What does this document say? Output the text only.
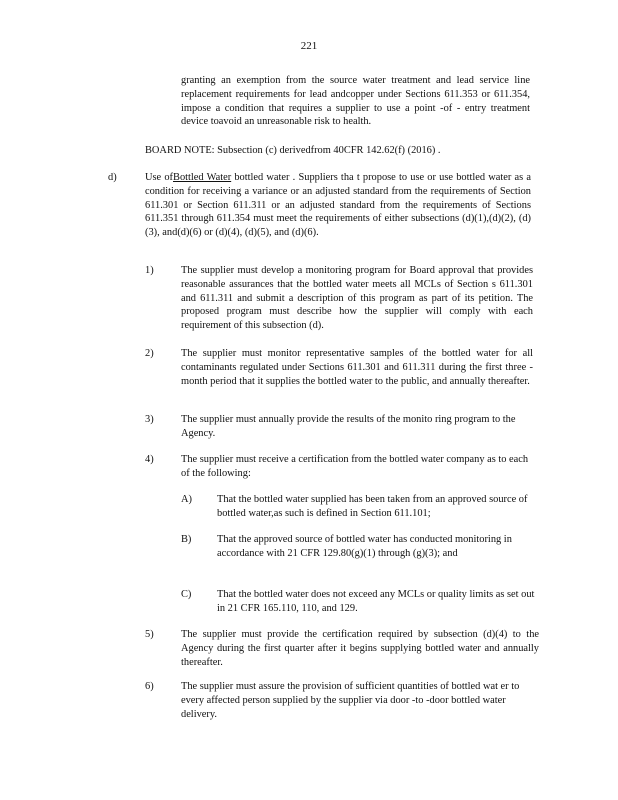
221
granting an exemption from the source water treatment and lead service line replacement requirements for lead andcopper under Sections 611.353 or 611.354, impose a condition that requires a supplier to use a point -of - entry treatment device toavoid an unreasonable risk to health.
BOARD NOTE: Subsection (c) derivedfrom 40CFR 142.62(f) (2016) .
d)	Use ofBottled Water bottled water . Suppliers tha t propose to use or use bottled water as a condition for receiving a variance or an adjusted standard from the requirements of Section 611.301 or Section 611.311 or an adjusted standard from the requirements of Sections 611.351 through 611.354 must meet the requirements of either subsections (d)(1),(d)(2), (d)(3), and(d)(6) or (d)(4), (d)(5), and (d)(6).
1)	The supplier must develop a monitoring program for Board approval that provides reasonable assurances that the bottled water meets all MCLs of Section s 611.301 and 611.311 and submit a description of this program as part of its petition. The proposed program must describe how the supplier will comply with each requirement of this subsection (d).
2)	The supplier must monitor representative samples of the bottled water for all contaminants regulated under Sections 611.301 and 611.311 during the first three -month period that it supplies the bottled water to the public, and annually thereafter.
3)	The supplier must annually provide the results of the monito ring program to the Agency.
4)	The supplier must receive a certification from the bottled water company as to each of the following:
A) That the bottled water supplied has been taken from an approved source of bottled water,as such is defined in Section 611.101;
B) That the approved source of bottled water has conducted monitoring in accordance with 21 CFR 129.80(g)(1) through (g)(3); and
C) That the bottled water does not exceed any MCLs or quality limits as set out in 21 CFR 165.110, 110, and 129.
5)	The supplier must provide the certification required by subsection (d)(4) to the Agency during the first quarter after it begins supplying bottled water and annually thereafter.
6)	The supplier must assure the provision of sufficient quantities of bottled wat er to every affected person supplied by the supplier via door -to -door bottled water delivery.
